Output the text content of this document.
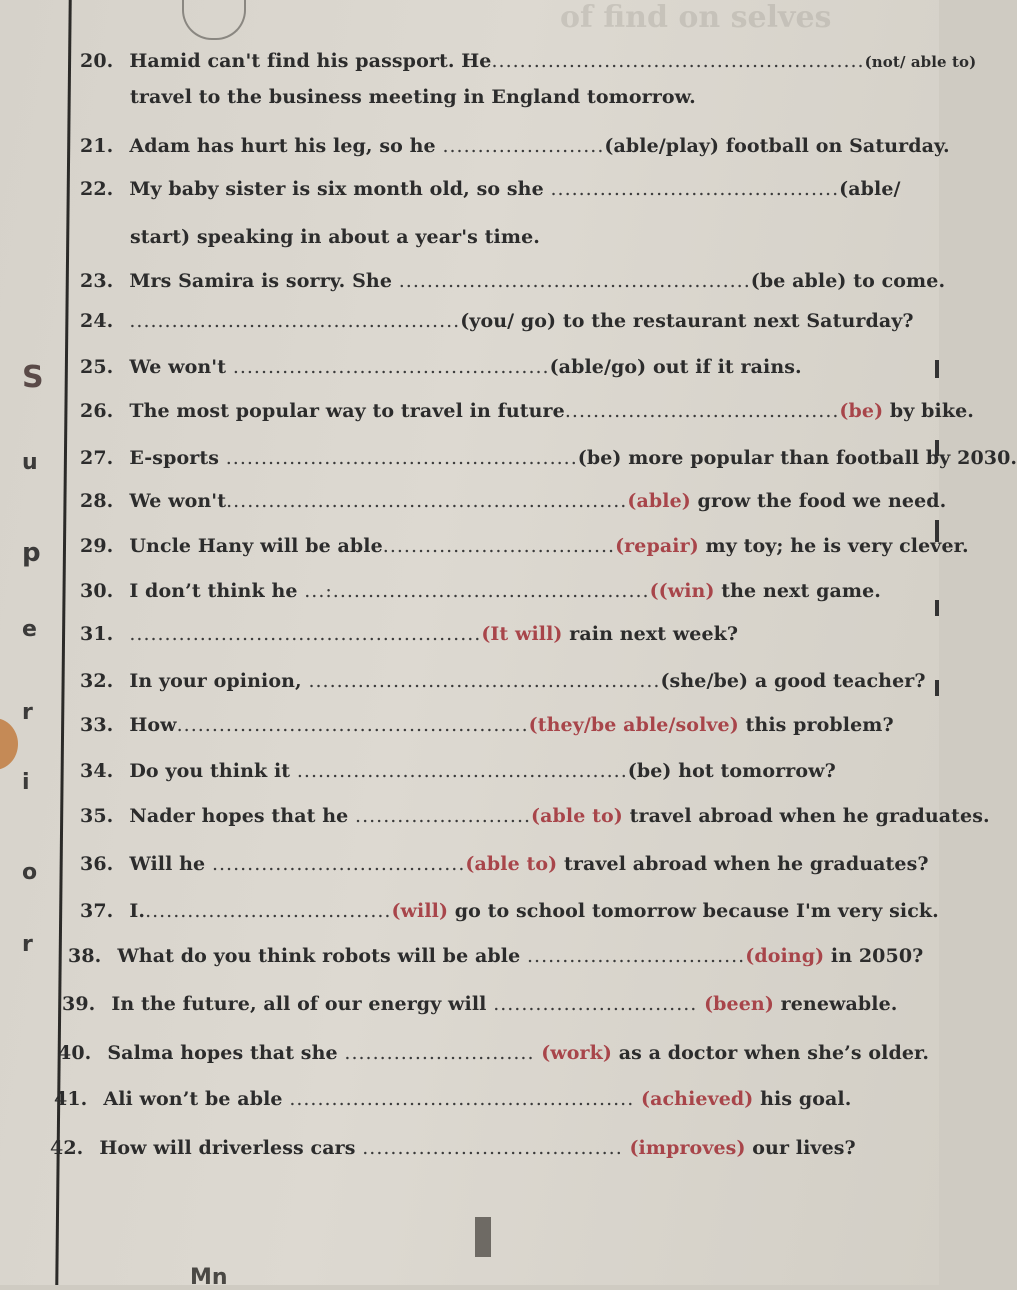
of find on selves
S
u
p
e
r
i
o
r
20. Hamid can't find his passport. He.....................................................(not/ able to)
travel to the business meeting in England tomorrow.
21. Adam has hurt his leg, so he .......................(able/play) football on Saturday.
22. My baby sister is six month old, so she .........................................(able/
start) speaking in about a year's time.
23. Mrs Samira is sorry. She ..................................................(be able) to come.
24. ...............................................(you/ go) to the restaurant next Saturday?
25. We won't .............................................(able/go) out if it rains.
26. The most popular way to travel in future.......................................(be) by bike.
27. E-sports ..................................................(be) more popular than football by 2030.
28. We won't.........................................................(able) grow the food we need.
29. Uncle Hany will be able.................................(repair) my toy; he is very clever.
30. I don’t think he ...:.............................................((win) the next game.
31. ..................................................(It will) rain next week?
32. In your opinion, ..................................................(she/be) a good teacher?
33. How..................................................(they/be able/solve) this problem?
34. Do you think it ...............................................(be) hot tomorrow?
35. Nader hopes that he .........................(able to) travel abroad when he graduates.
36. Will he ....................................(able to) travel abroad when he graduates?
37. I....................................(will) go to school tomorrow because I'm very sick.
38. What do you think robots will be able ...............................(doing) in 2050?
39. In the future, all of our energy will ............................. (been) renewable.
40. Salma hopes that she ........................... (work) as a doctor when she’s older.
41. Ali won’t be able ................................................. (achieved) his goal.
42. How will driverless cars ..................................... (improves) our lives?
Mn
